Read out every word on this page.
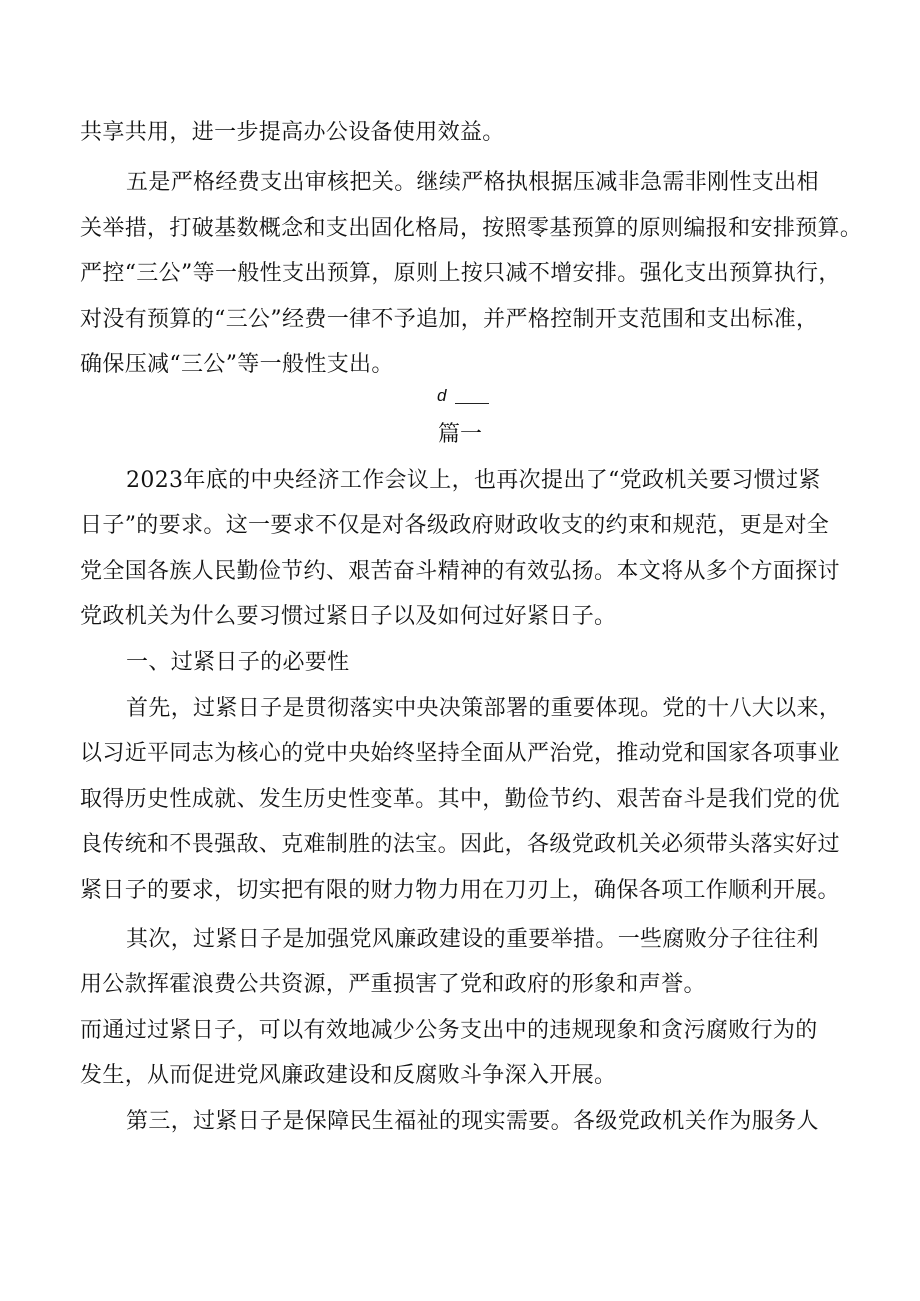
共享共用，进一步提高办公设备使用效益。
五是严格经费支出审核把关。继续严格执根据压减非急需非刚性支出相
关举措，打破基数概念和支出固化格局，按照零基预算的原则编报和安排预算。
严控“三公”等一般性支出预算，原则上按只减不增安排。强化支出预算执行，
对没有预算的“三公”经费一律不予追加，并严格控制开支范围和支出标准，
确保压减“三公”等一般性支出。
d
篇一
2023年底的中央经济工作会议上，也再次提出了“党政机关要习惯过紧
日子”的要求。这一要求不仅是对各级政府财政收支的约束和规范，更是对全
党全国各族人民勤俭节约、艰苦奋斗精神的有效弘扬。本文将从多个方面探讨
党政机关为什么要习惯过紧日子以及如何过好紧日子。
一、过紧日子的必要性
首先，过紧日子是贯彻落实中央决策部署的重要体现。党的十八大以来，
以习近平同志为核心的党中央始终坚持全面从严治党，推动党和国家各项事业
取得历史性成就、发生历史性变革。其中，勤俭节约、艰苦奋斗是我们党的优
良传统和不畏强敌、克难制胜的法宝。因此，各级党政机关必须带头落实好过
紧日子的要求，切实把有限的财力物力用在刀刃上，确保各项工作顺利开展。
其次，过紧日子是加强党风廉政建设的重要举措。一些腐败分子往往利
用公款挥霍浪费公共资源，严重损害了党和政府的形象和声誉。
而通过过紧日子，可以有效地减少公务支出中的违规现象和贪污腐败行为的
发生，从而促进党风廉政建设和反腐败斗争深入开展。
第三，过紧日子是保障民生福祉的现实需要。各级党政机关作为服务人
